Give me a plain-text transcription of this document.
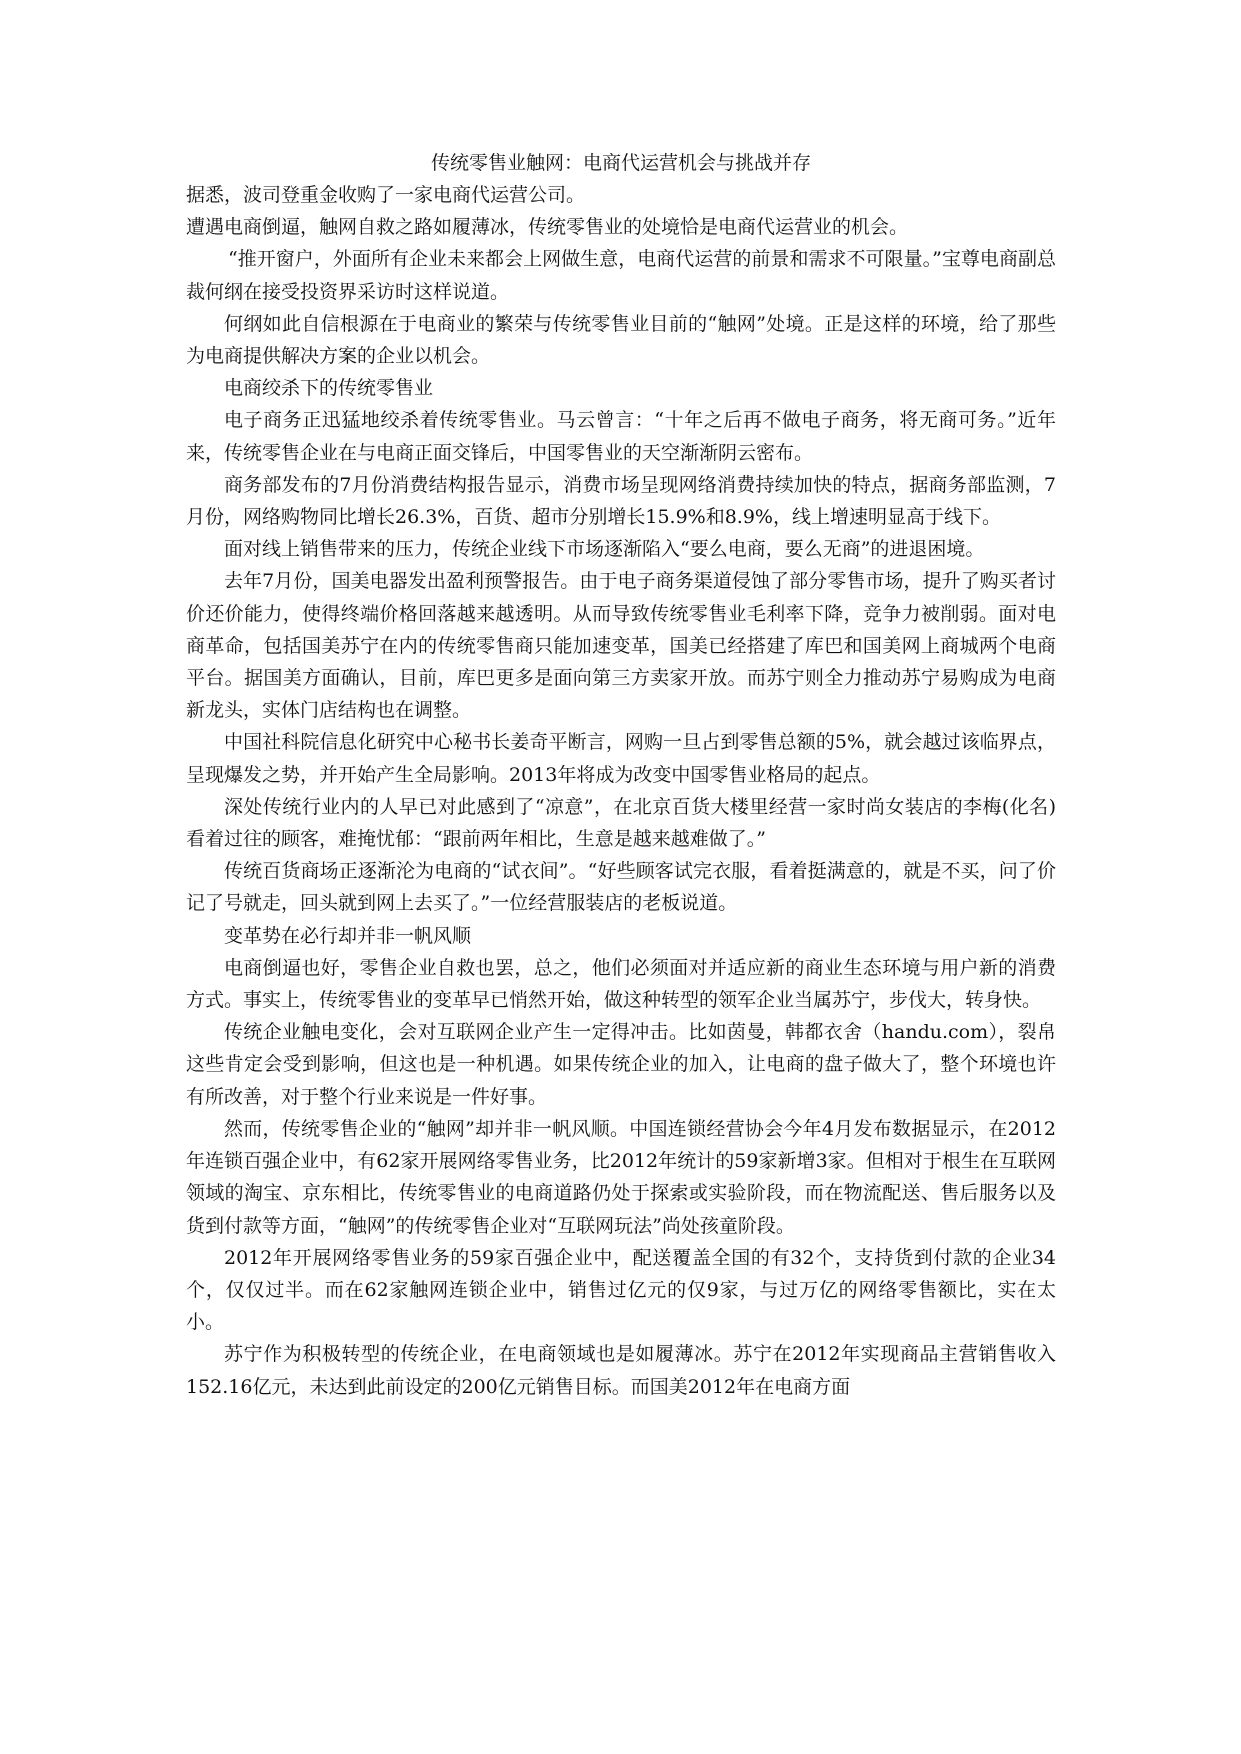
传统零售业触网：电商代运营机会与挑战并存

据悉，波司登重金收购了一家电商代运营公司。

遭遇电商倒逼，触网自救之路如履薄冰，传统零售业的处境恰是电商代运营业的机会。

“推开窗户，外面所有企业未来都会上网做生意，电商代运营的前景和需求不可限量。”宝尊电商副总裁何纲在接受投资界采访时这样说道。

何纲如此自信根源在于电商业的繁荣与传统零售业目前的“触网”处境。正是这样的环境，给了那些为电商提供解决方案的企业以机会。

电商绞杀下的传统零售业

电子商务正迅猛地绞杀着传统零售业。马云曾言：“十年之后再不做电子商务，将无商可务。”近年来，传统零售企业在与电商正面交锋后，中国零售业的天空渐渐阴云密布。

商务部发布的7月份消费结构报告显示，消费市场呈现网络消费持续加快的特点，据商务部监测，7月份，网络购物同比增长26.3%，百货、超市分别增长15.9%和8.9%，线上增速明显高于线下。

面对线上销售带来的压力，传统企业线下市场逐渐陷入“要么电商，要么无商”的进退困境。

去年7月份，国美电器发出盈利预警报告。由于电子商务渠道侵蚀了部分零售市场，提升了购买者讨价还价能力，使得终端价格回落越来越透明。从而导致传统零售业毛利率下降，竞争力被削弱。面对电商革命，包括国美苏宁在内的传统零售商只能加速变革，国美已经搭建了库巴和国美网上商城两个电商平台。据国美方面确认，目前，库巴更多是面向第三方卖家开放。而苏宁则全力推动苏宁易购成为电商新龙头，实体门店结构也在调整。

中国社科院信息化研究中心秘书长姜奇平断言，网购一旦占到零售总额的5%，就会越过该临界点，呈现爆发之势，并开始产生全局影响。2013年将成为改变中国零售业格局的起点。

深处传统行业内的人早已对此感到了“凉意”，在北京百货大楼里经营一家时尚女装店的李梅(化名)看着过往的顾客，难掩忧郁：“跟前两年相比，生意是越来越难做了。”

传统百货商场正逐渐沦为电商的“试衣间”。“好些顾客试完衣服，看着挺满意的，就是不买，问了价记了号就走，回头就到网上去买了。”一位经营服装店的老板说道。

变革势在必行却并非一帆风顺

电商倒逼也好，零售企业自救也罢，总之，他们必须面对并适应新的商业生态环境与用户新的消费方式。事实上，传统零售业的变革早已悄然开始，做这种转型的领军企业当属苏宁，步伐大，转身快。

传统企业触电变化，会对互联网企业产生一定得冲击。比如茵曼，韩都衣舍（handu.com），裂帛这些肯定会受到影响，但这也是一种机遇。如果传统企业的加入，让电商的盘子做大了，整个环境也许有所改善，对于整个行业来说是一件好事。

然而，传统零售企业的“触网”却并非一帆风顺。中国连锁经营协会今年4月发布数据显示，在2012年连锁百强企业中，有62家开展网络零售业务，比2012年统计的59家新增3家。但相对于根生在互联网领域的淘宝、京东相比，传统零售业的电商道路仍处于探索或实验阶段，而在物流配送、售后服务以及货到付款等方面，“触网”的传统零售企业对“互联网玩法”尚处孩童阶段。

2012年开展网络零售业务的59家百强企业中，配送覆盖全国的有32个，支持货到付款的企业34个，仅仅过半。而在62家触网连锁企业中，销售过亿元的仅9家，与过万亿的网络零售额比，实在太小。

苏宁作为积极转型的传统企业，在电商领域也是如履薄冰。苏宁在2012年实现商品主营销售收入152.16亿元，未达到此前设定的200亿元销售目标。而国美2012年在电商方面
